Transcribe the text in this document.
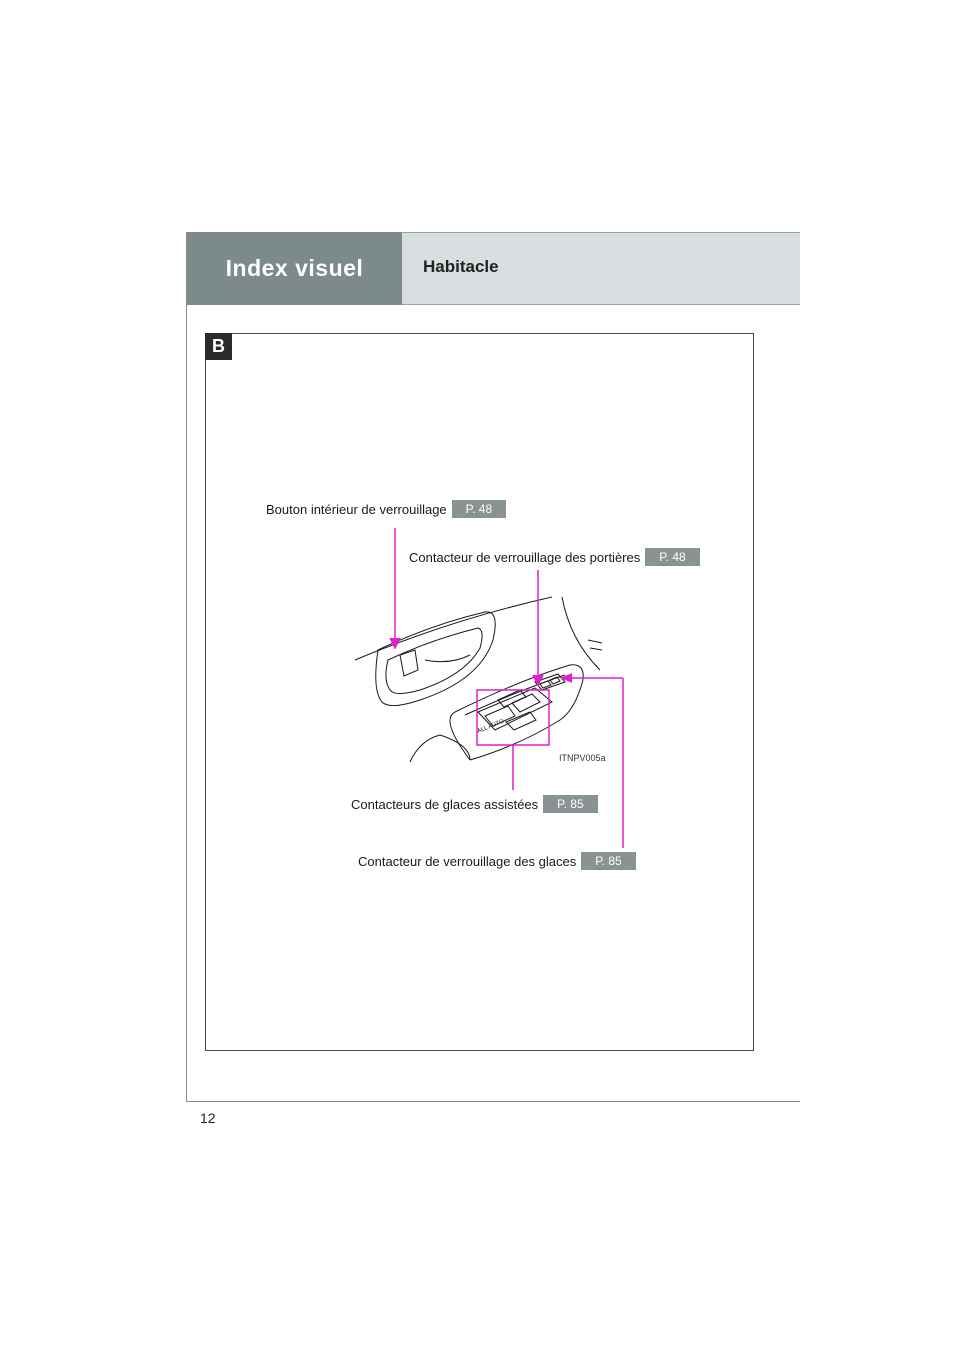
Index visuel	Habitacle
B
ALL AUTO
ITNPV005a
Bouton intérieur de verrouillage	P. 48
Contacteur de verrouillage des portières	P. 48
Contacteurs de glaces assistées	P. 85
Contacteur de verrouillage des glaces	P. 85
12
